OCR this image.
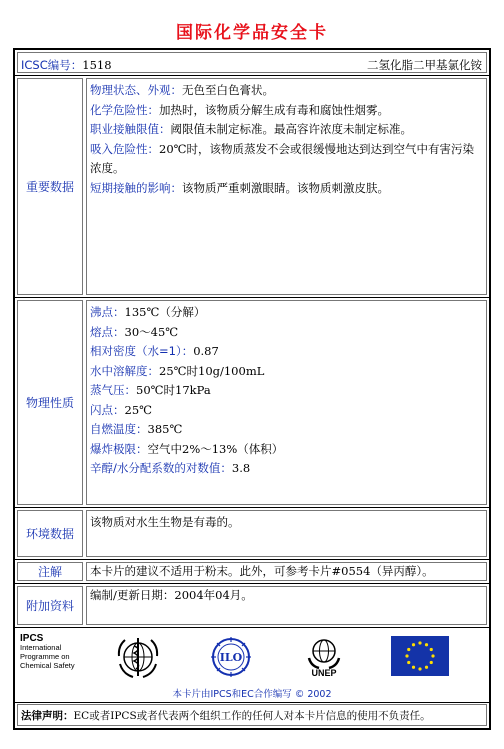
国际化学品安全卡
ICSC编号：1518	二氢化脂二甲基氯化铵
重要数据
物理状态、外观：无色至白色膏状。
化学危险性：加热时，该物质分解生成有毒和腐蚀性烟雾。
职业接触限值：阈限值未制定标准。最高容许浓度未制定标准。
吸入危险性：20℃时，该物质蒸发不会或很缓慢地达到达到空气中有害污染浓度。
短期接触的影响：该物质严重刺激眼睛。该物质刺激皮肤。
物理性质
沸点：135℃（分解）
熔点：30～45℃
相对密度（水=1）：0.87
水中溶解度：25℃时10g/100mL
蒸气压：50℃时17kPa
闪点：25℃
自燃温度：385℃
爆炸极限：空气中2%～13%（体积）
辛醇/水分配系数的对数值：3.8
环境数据
该物质对水生生物是有毒的。
注解	本卡片的建议不适用于粉末。此外，可参考卡片#0554（异丙醇）。
附加资料
编制/更新日期：2004年04月。
IPCS
International
Programme on
Chemical Safety
ILO
UNEP
本卡片由IPCS和EC合作编写 © 2002
法律声明：EC或者IPCS或者代表两个组织工作的任何人对本卡片信息的使用不负责任。
